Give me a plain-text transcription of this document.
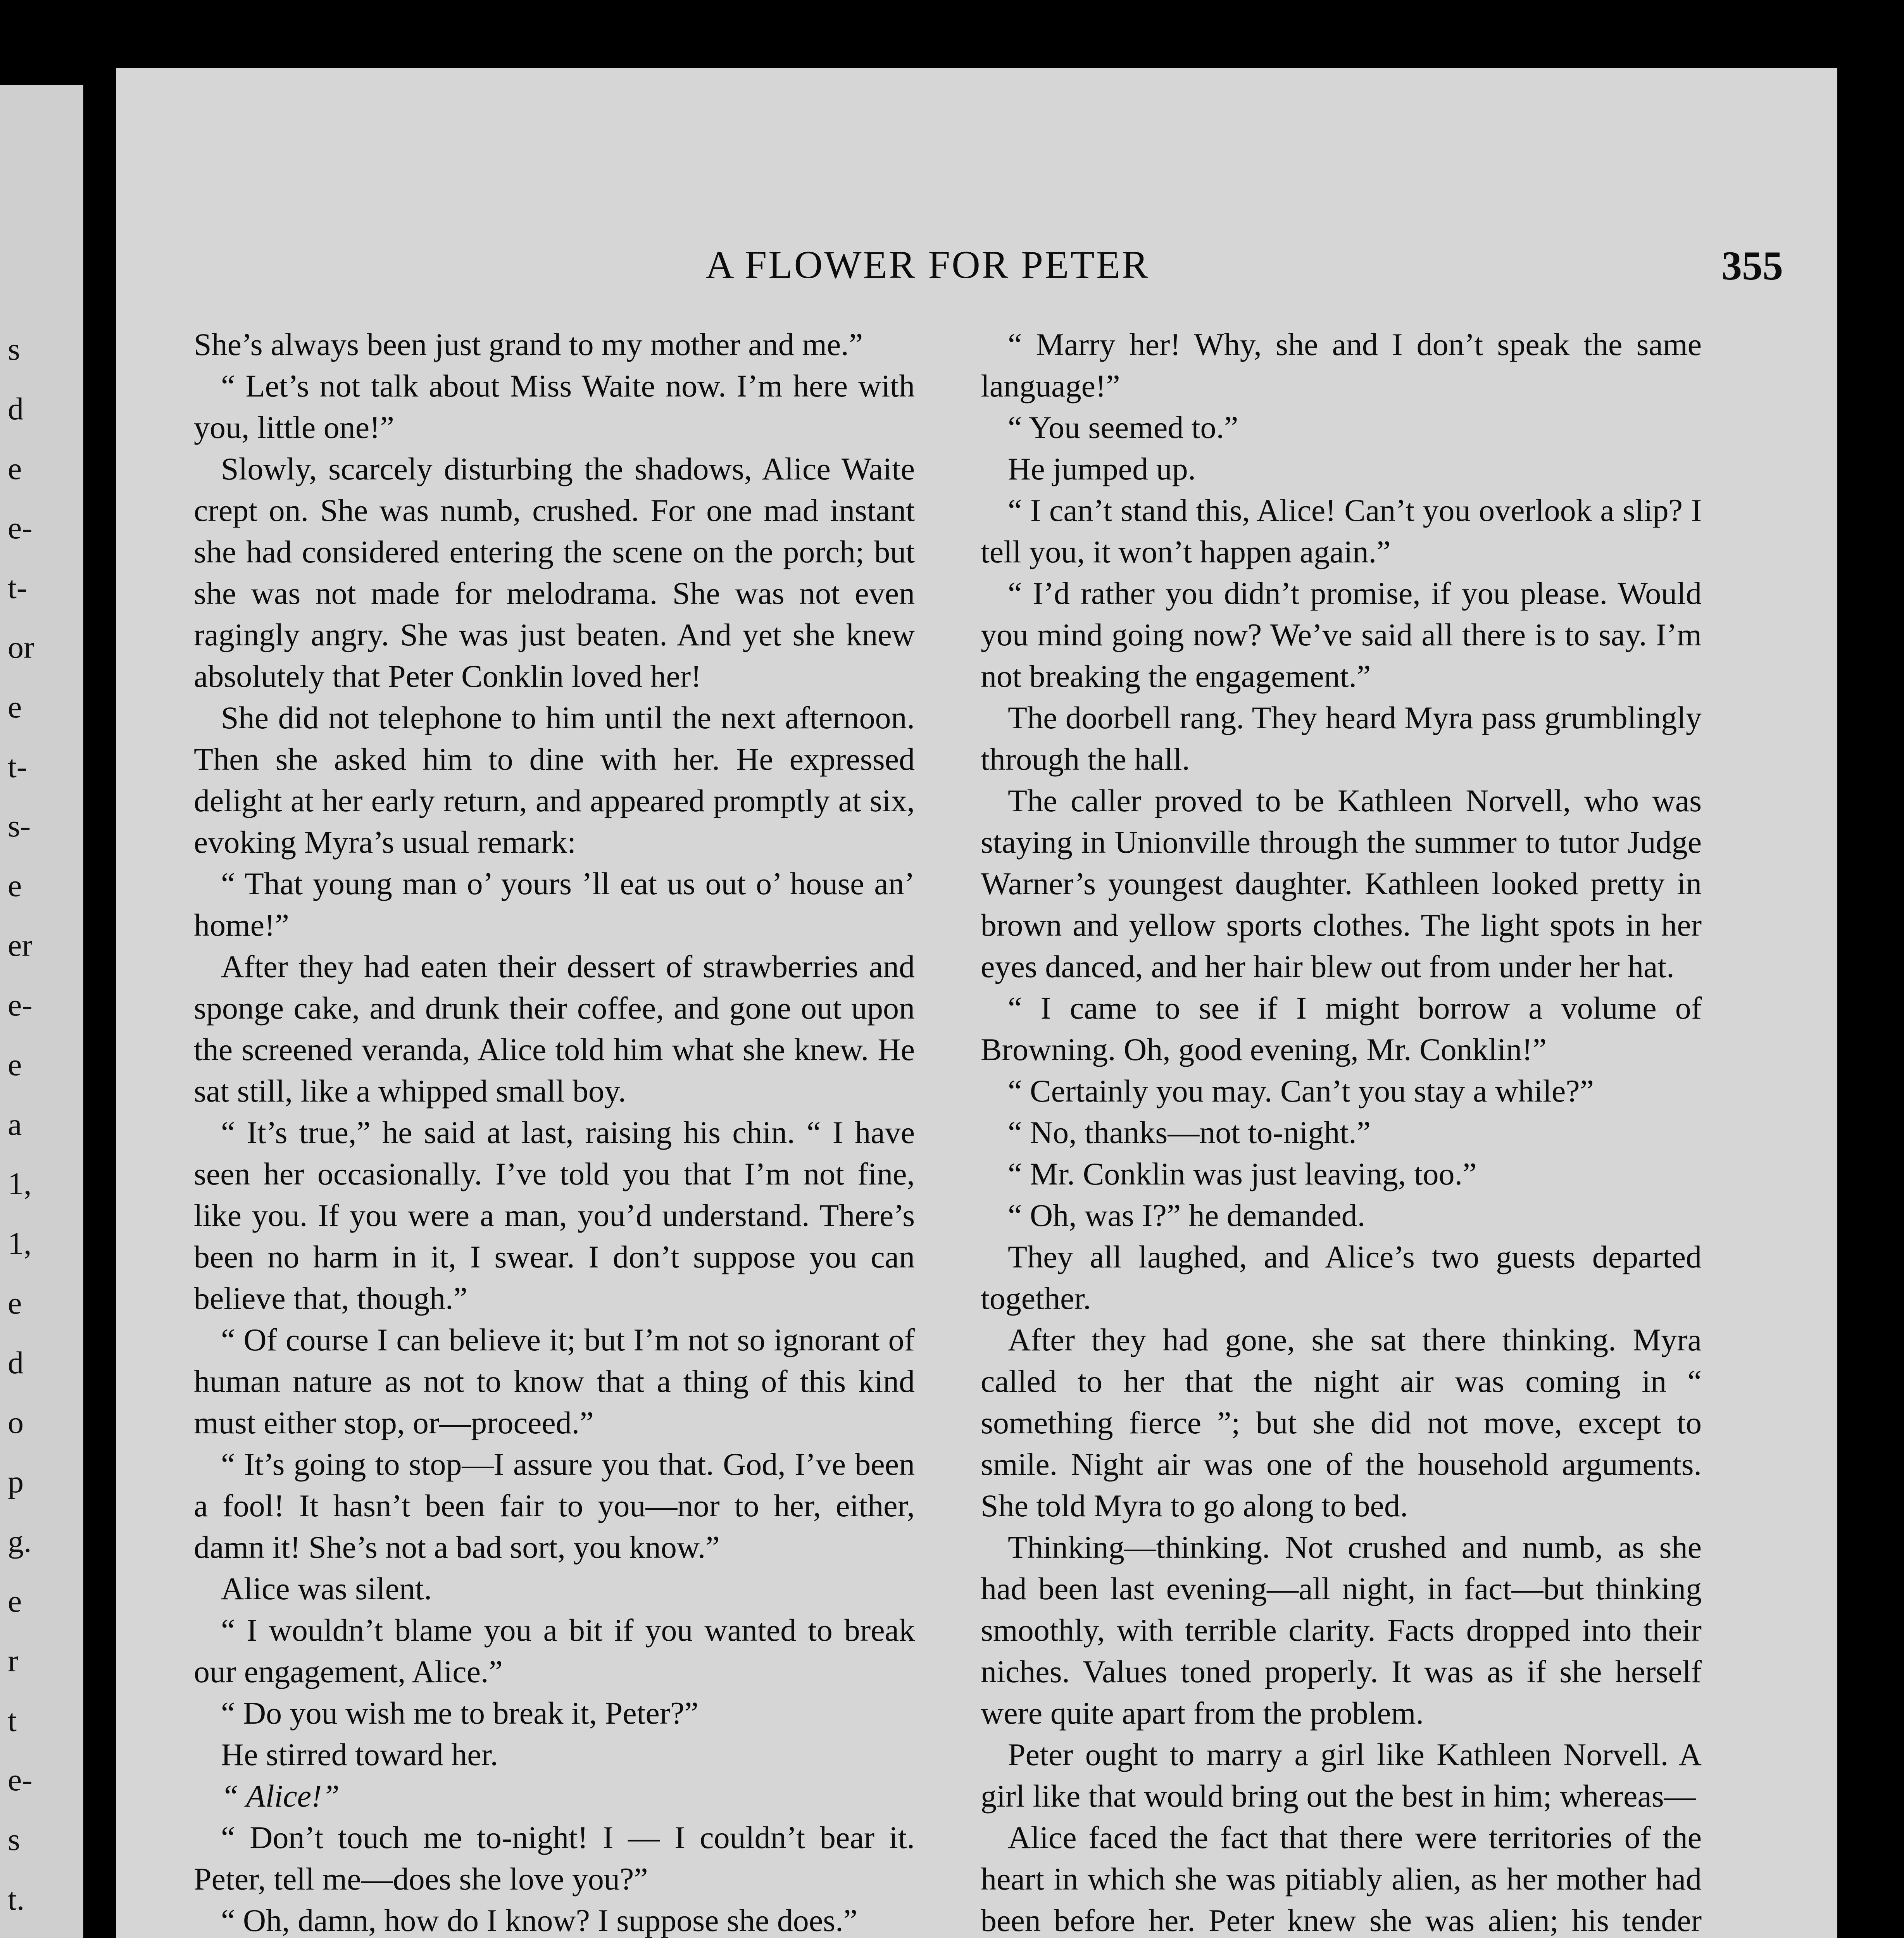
s
d
e
e-
t-
or
e
t-
s-
e
er
e-
e
a
1,
1,
e
d
o
p
g.
e
r
t
e-
s
t.
A FLOWER FOR PETER	355

She’s always been just grand to my mother and me.”

“ Let’s not talk about Miss Waite now. I’m here with you, little one!”

Slowly, scarcely disturbing the shadows, Alice Waite crept on. She was numb, crushed. For one mad instant she had considered entering the scene on the porch; but she was not made for melodrama. She was not even ragingly angry. She was just beaten. And yet she knew absolutely that Peter Conklin loved her!

She did not telephone to him until the next afternoon. Then she asked him to dine with her. He expressed delight at her early return, and appeared promptly at six, evoking Myra’s usual remark:

“ That young man o’ yours ’ll eat us out o’ house an’ home!”

After they had eaten their dessert of strawberries and sponge cake, and drunk their coffee, and gone out upon the screened veranda, Alice told him what she knew. He sat still, like a whipped small boy.

“ It’s true,” he said at last, raising his chin. “ I have seen her occasionally. I’ve told you that I’m not fine, like you. If you were a man, you’d understand. There’s been no harm in it, I swear. I don’t suppose you can believe that, though.”

“ Of course I can believe it; but I’m not so ignorant of human nature as not to know that a thing of this kind must either stop, or—proceed.”

“ It’s going to stop—I assure you that. God, I’ve been a fool! It hasn’t been fair to you—nor to her, either, damn it! She’s not a bad sort, you know.”

Alice was silent.

“ I wouldn’t blame you a bit if you wanted to break our engagement, Alice.”

“ Do you wish me to break it, Peter?”

He stirred toward her.

“ Alice!”

“ Don’t touch me to-night! I — I couldn’t bear it. Peter, tell me—does she love you?”

“ Oh, damn, how do I know? I suppose she does.”

“ Marry her! Why, she and I don’t speak the same language!”

“ You seemed to.”

He jumped up.

“ I can’t stand this, Alice! Can’t you overlook a slip? I tell you, it won’t happen again.”

“ I’d rather you didn’t promise, if you please. Would you mind going now? We’ve said all there is to say. I’m not breaking the engagement.”

The doorbell rang. They heard Myra pass grumblingly through the hall.

The caller proved to be Kathleen Norvell, who was staying in Unionville through the summer to tutor Judge Warner’s youngest daughter. Kathleen looked pretty in brown and yellow sports clothes. The light spots in her eyes danced, and her hair blew out from under her hat.

“ I came to see if I might borrow a volume of Browning. Oh, good evening, Mr. Conklin!”

“ Certainly you may. Can’t you stay a while?”

“ No, thanks—not to-night.”

“ Mr. Conklin was just leaving, too.”

“ Oh, was I?” he demanded.

They all laughed, and Alice’s two guests departed together.

After they had gone, she sat there thinking. Myra called to her that the night air was coming in “ something fierce ”; but she did not move, except to smile. Night air was one of the household arguments. She told Myra to go along to bed.

Thinking—thinking. Not crushed and numb, as she had been last evening—all night, in fact—but thinking smoothly, with terrible clarity. Facts dropped into their niches. Values toned properly. It was as if she herself were quite apart from the problem.

Peter ought to marry a girl like Kathleen Norvell. A girl like that would bring out the best in him; whereas—

Alice faced the fact that there were territories of the heart in which she was pitiably alien, as her mother had been before her. Peter knew she was alien; his tender
